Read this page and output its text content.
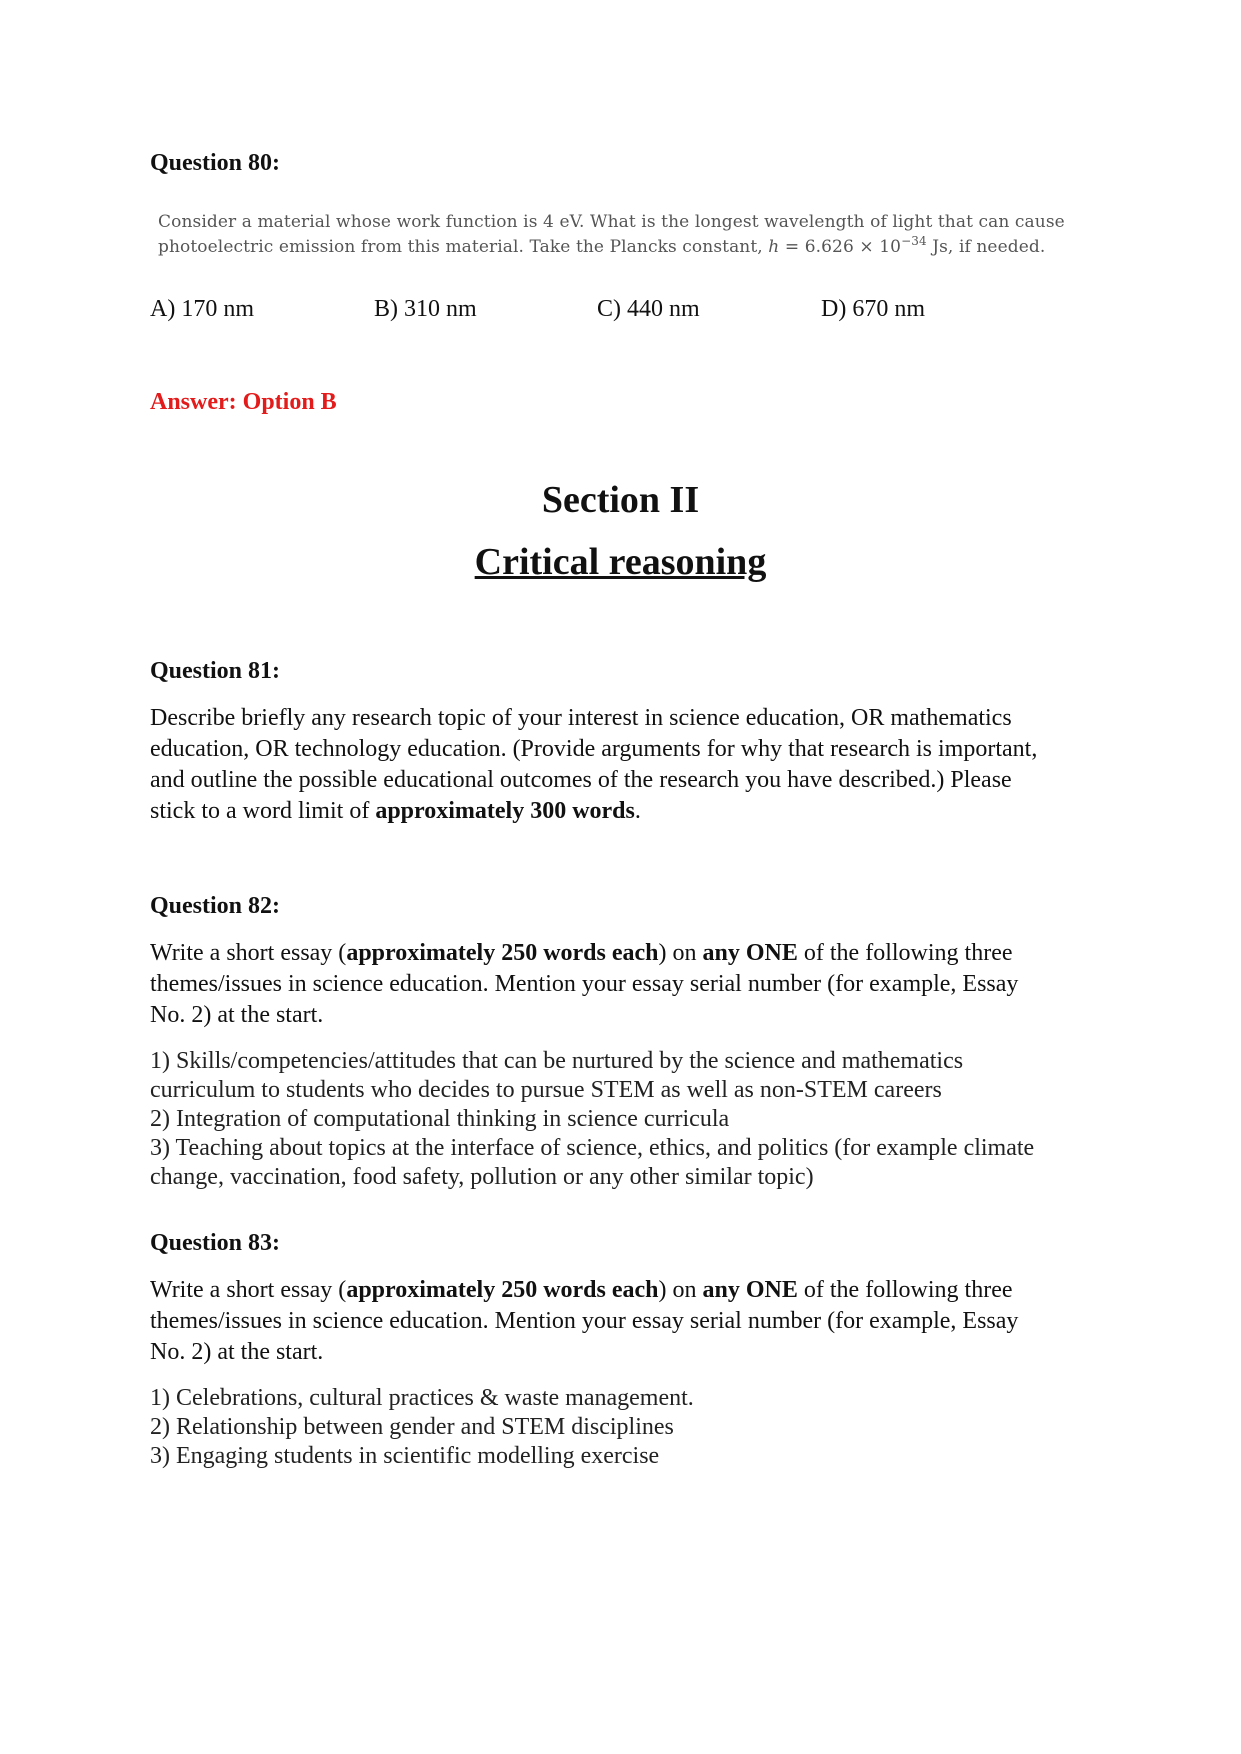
Question 80:
Consider a material whose work function is 4 eV. What is the longest wavelength of light that can cause
photoelectric emission from this material. Take the Plancks constant, $h = 6.626 \times 10^{-34}$ Js, if needed.
A) 170 nm	B) 310 nm	C) 440 nm	D) 670 nm
Answer: Option B
Section II
Critical reasoning
Question 81:
Describe briefly any research topic of your interest in science education, OR mathematics
education, OR technology education. (Provide arguments for why that research is important,
and outline the possible educational outcomes of the research you have described.) Please
stick to a word limit of approximately 300 words.
Question 82:
Write a short essay (approximately 250 words each) on any ONE of the following three
themes/issues in science education. Mention your essay serial number (for example, Essay
No. 2) at the start.
1) Skills/competencies/attitudes that can be nurtured by the science and mathematics
curriculum to students who decides to pursue STEM as well as non-STEM careers
2) Integration of computational thinking in science curricula
3) Teaching about topics at the interface of science, ethics, and politics (for example climate
change, vaccination, food safety, pollution or any other similar topic)
Question 83:
Write a short essay (approximately 250 words each) on any ONE of the following three
themes/issues in science education. Mention your essay serial number (for example, Essay
No. 2) at the start.
1) Celebrations, cultural practices & waste management.
2) Relationship between gender and STEM disciplines
3) Engaging students in scientific modelling exercise
